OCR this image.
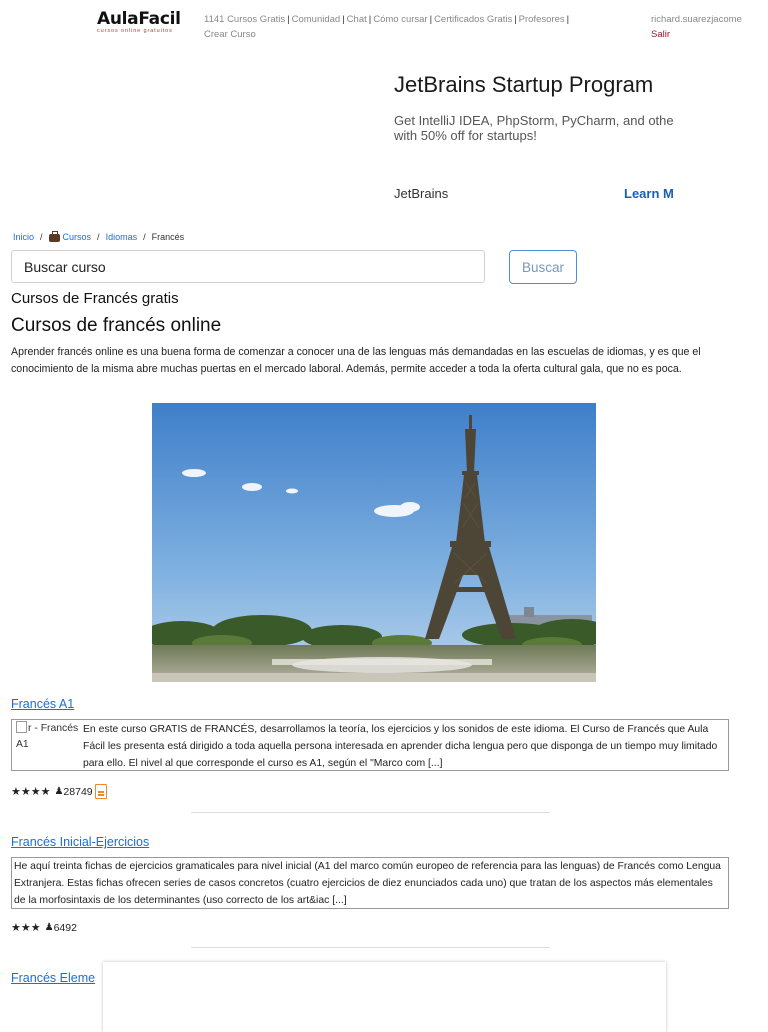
AulaFacil
cursos online gratuitos
1141 Cursos Gratis | Comunidad | Chat | Cómo cursar | Certificados Gratis | Profesores |
Crear Curso
richard.suarezjacome
Salir
JetBrains Startup Program
Get IntelliJ IDEA, PhpStorm, PyCharm, and othe
with 50% off for startups!
JetBrains	Learn M
Inicio /	Cursos / Idiomas / Francés
Buscar curso
Buscar
Cursos de Francés gratis
Cursos de francés online

Aprender francés online es una buena forma de comenzar a conocer una de las lenguas más demandadas en las escuelas de idiomas, y es que el conocimiento de la misma abre muchas puertas en el mercado laboral. Además, permite acceder a toda la oferta cultural gala, que no es poca.

Francés A1
r - Francés A1
En este curso GRATIS de FRANCÉS, desarrollamos la teoría, los ejercicios y los sonidos de este idioma. El Curso de Francés que Aula Fácil les presenta está dirigido a toda aquella persona interesada en aprender dicha lengua pero que disponga de un tiempo muy limitado para ello. El nivel al que corresponde el curso es A1, según el "Marco com [...]
★★★★ ♟ 28749
Francés Inicial-Ejercicios
He aquí treinta fichas de ejercicios gramaticales para nivel inicial (A1 del marco común europeo de referencia para las lenguas) de Francés como Lengua Extranjera. Estas fichas ofrecen series de casos concretos (cuatro ejercicios de diez enunciados cada uno) que tratan de los aspectos más elementales de la morfosintaxis de los determinantes (uso correcto de los art&iac [...]
★★★ ♟ 6492
Francés Eleme
